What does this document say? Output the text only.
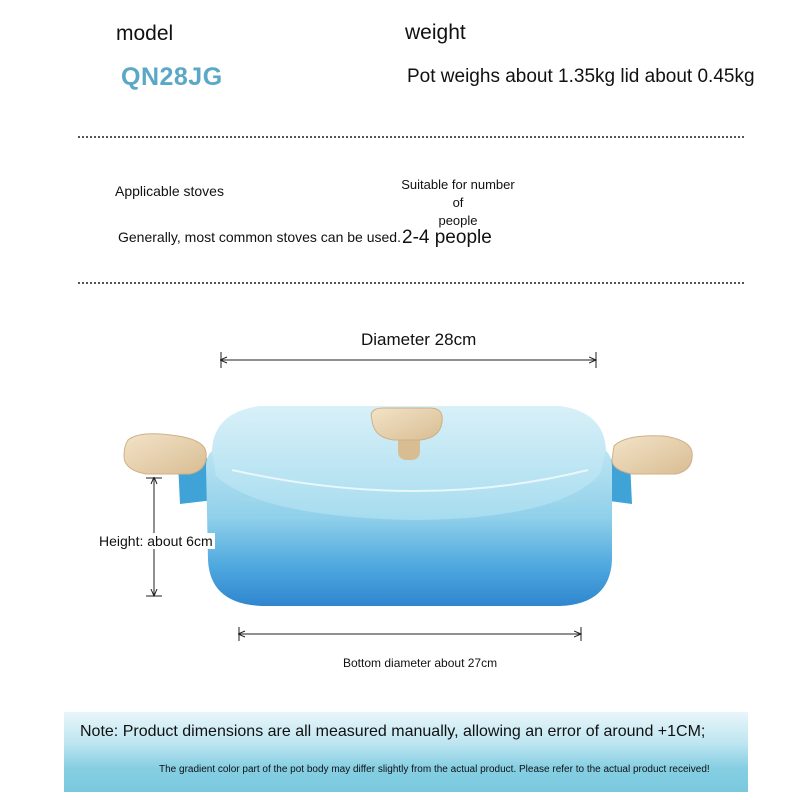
model
QN28JG
weight
Pot weighs about 1.35kg lid about 0.45kg
Applicable stoves
Generally, most common stoves can be used.
Suitable for number of
people
2-4 people
Diameter 28cm
Height: about 6cm
Bottom diameter about 27cm
Note: Product dimensions are all measured manually, allowing an error of around +1CM;
The gradient color part of the pot body may differ slightly from the actual product. Please refer to the actual product received!
